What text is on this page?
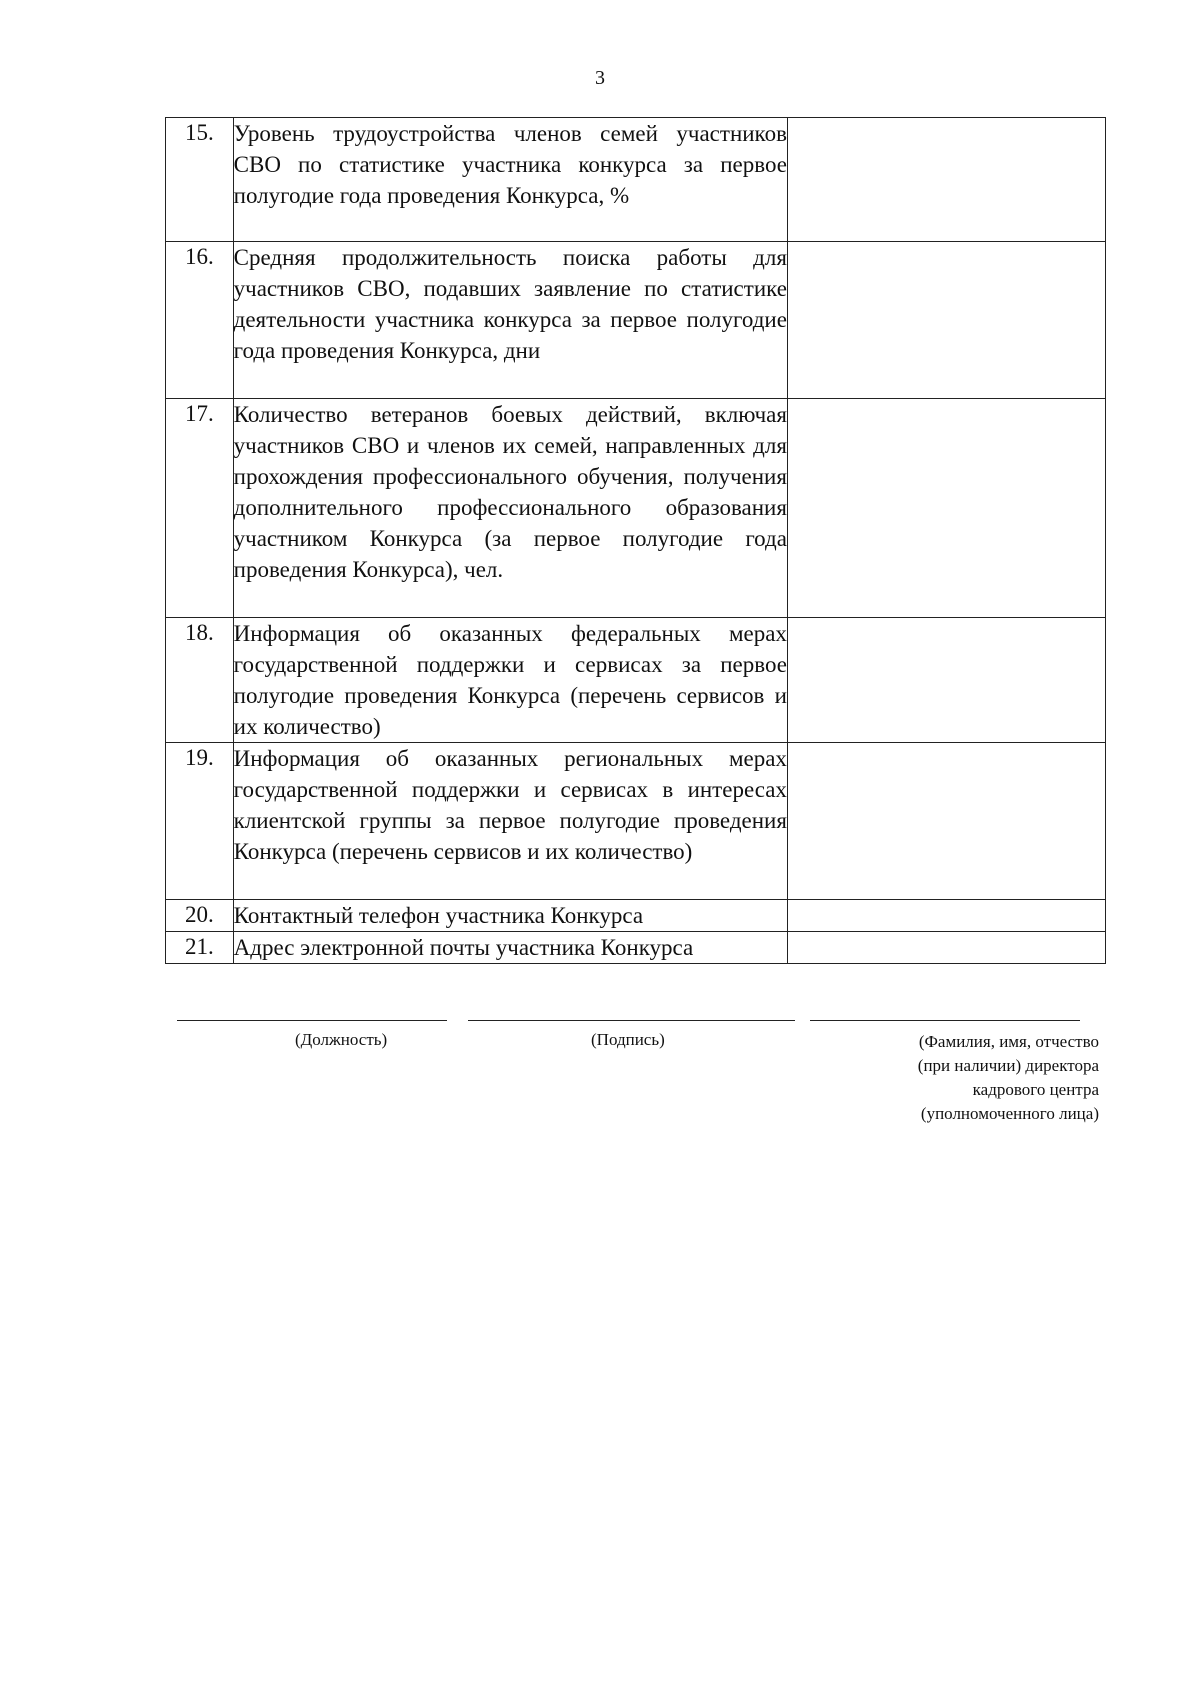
3
15.	Уровень трудоустройства членов семей участников СВО по статистике участника конкурса за первое полугодие года проведения Конкурса, %	
16.	Средняя продолжительность поиска работы для участников СВО, подавших заявление по статистике деятельности участника конкурса за первое полугодие года проведения Конкурса, дни	
17.	Количество ветеранов боевых действий, включая участников СВО и членов их семей, направленных для прохождения профессионального обучения, получения дополнительного профессионального образования участником Конкурса (за первое полугодие года проведения Конкурса), чел.	
18.	Информация об оказанных федеральных мерах государственной поддержки и сервисах за первое полугодие проведения Конкурса (перечень сервисов и их количество)	
19.	Информация об оказанных региональных мерах государственной поддержки и сервисах в интересах клиентской группы за первое полугодие проведения Конкурса (перечень сервисов и их количество)	
20.	Контактный телефон участника Конкурса	
21.	Адрес электронной почты участника Конкурса	
(Должность)	(Подпись)	(Фамилия, имя, отчество
(при наличии) директора
кадрового центра
(уполномоченного лица)
